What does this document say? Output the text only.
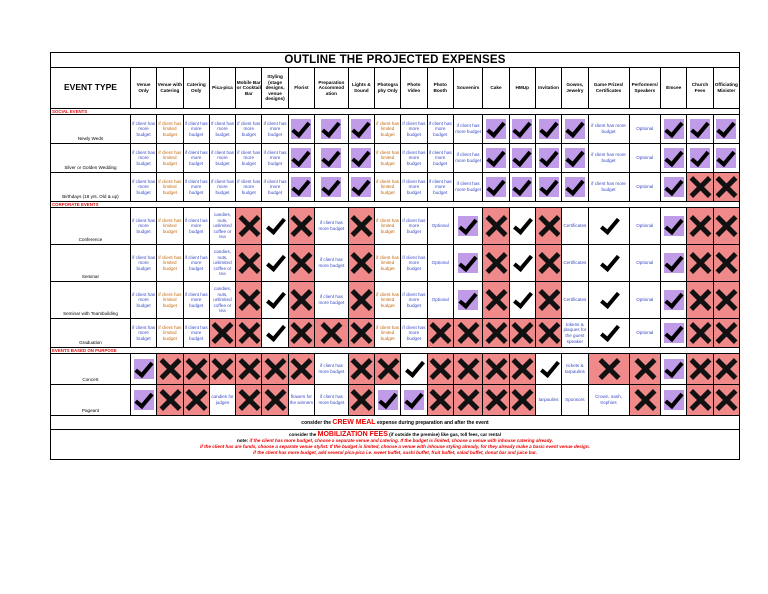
OUTLINE THE PROJECTED EXPENSES
EVENT TYPE	Venue Only	Venue with Catering	Catering Only	Pica-pica	Mobile Bar or Cocktail Bar	Styling (stage designs, venue designs)	Florist	Preparation Accommod ation	Lights & Sound	Photogra phy Only	Photo Video	Photo Booth	Souvenirs	Cake	HMUp	Invitation	Gowns, Jewelry	Game Prizes/ Certificates	Performers/ Speakers	Emcee	Church Fees	Officiating Minister
SOCIAL EVENTS																						
Newly Weds	if client has more budget	if client has limited budget	if client has more budget	if client has more budget	if client has more budget	if client has more budget				if client has limited budget	if client has more budget	if client has more budget	if client has more budget					if client has more budget	Optional			
Silver or Golden Wedding	if client has more budget	if client has limited budget	if client has more budget	if client has more budget	if client has more budget	if client has more budget				if client has limited budget	if client has more budget	if client has more budget	if client has more budget					if client has more budget	Optional			
Birthdays (18 yrs. Old & up)	if client has more budget	if client has limited budget	if client has more budget	if client has more budget	if client has more budget	if client has more budget				if client has limited budget	if client has more budget	if client has more budget	if client has more budget					if client has more budget	Optional			
CORPORATE EVENTS																						
Conference	if client has more budget	if client has limited budget	if client has more budget	candies, nuts, unlimited coffee or tea				if client has more budget		if client has limited budget	if client has more budget	Optional					Certificates		Optional			
Seminar	if client has more budget	if client has limited budget	if client has more budget	candies, nuts, unlimited coffee or tea				if client has more budget		if client has limited budget	if client has more budget	Optional					Certificates		Optional			
Seminar with Teambuilding	if client has more budget	if client has limited budget	if client has more budget	candies, nuts, unlimited coffee or tea				if client has more budget		if client has limited budget	if client has more budget	Optional					Certificates		Optional			
Graduation	if client has more budget	if client has limited budget	if client has more budget							if client has limited budget	if client has more budget						tokens & plaques for the guest speaker		Optional			
EVENTS BASED ON PURPOSE																						
Concert								if client has more budget									tickets & tarpaulins					
Pageant				candies for judges			flowers for the winners	if client has more budget								tarpaulins	Sponsors	Crown, sash, trophies				
consider the CREW MEAL expense during preparation and after the event
consider the MOBILIZATION FEES (if outside the premise) like gas, toll fees, car rental
note: if the client has more budget, choose a separate venue and catering. If the budget is limited, choose a venue with inhouse catering already.
if the client has are funds, choose a separate venue stylist. If the budget is limited, choose a venue with inhouse styling already, for they already make a basic event venue design.
if the client has more budget, add several pica-pica i.e. sweet buffet, sushi buffet, fruit buffet, salad buffet, donut bar and juice bar.
